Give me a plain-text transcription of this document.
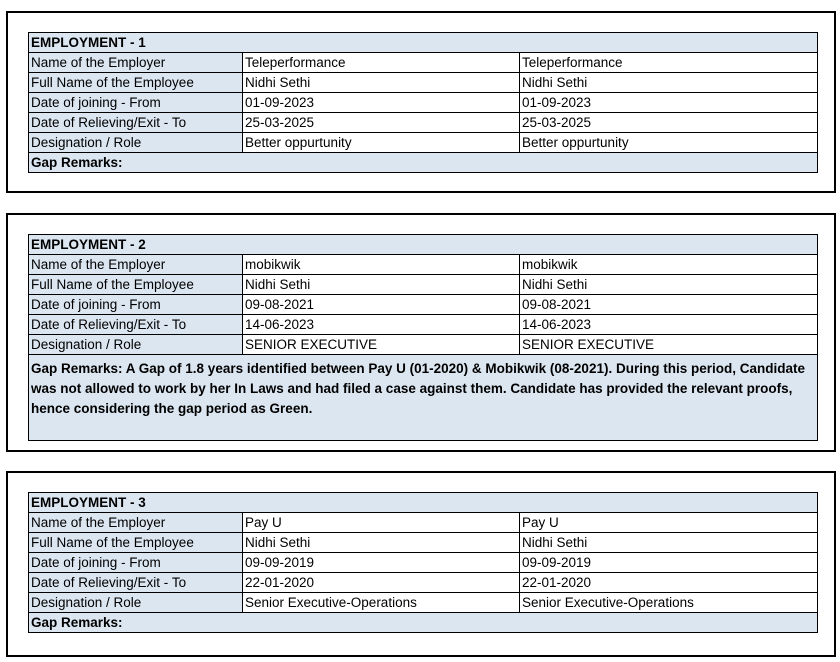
EMPLOYMENT - 1		
Name of the Employer	Teleperformance	Teleperformance
Full Name of the Employee	Nidhi Sethi	Nidhi Sethi
Date of joining - From	01-09-2023	01-09-2023
Date of Relieving/Exit - To	25-03-2025	25-03-2025
Designation / Role	Better oppurtunity	Better oppurtunity
Gap Remarks:		
EMPLOYMENT - 2		
Name of the Employer	mobikwik	mobikwik
Full Name of the Employee	Nidhi Sethi	Nidhi Sethi
Date of joining - From	09-08-2021	09-08-2021
Date of Relieving/Exit - To	14-06-2023	14-06-2023
Designation / Role	SENIOR EXECUTIVE	SENIOR EXECUTIVE
Gap Remarks: A Gap of 1.8 years identified between Pay U (01-2020) & Mobikwik (08-2021). During this period, Candidate was not allowed to work by her In Laws and had filed a case against them. Candidate has provided the relevant proofs, hence considering the gap period as Green.		
EMPLOYMENT - 3		
Name of the Employer	Pay U	Pay U
Full Name of the Employee	Nidhi Sethi	Nidhi Sethi
Date of joining - From	09-09-2019	09-09-2019
Date of Relieving/Exit - To	22-01-2020	22-01-2020
Designation / Role	Senior Executive-Operations	Senior Executive-Operations
Gap Remarks:		
